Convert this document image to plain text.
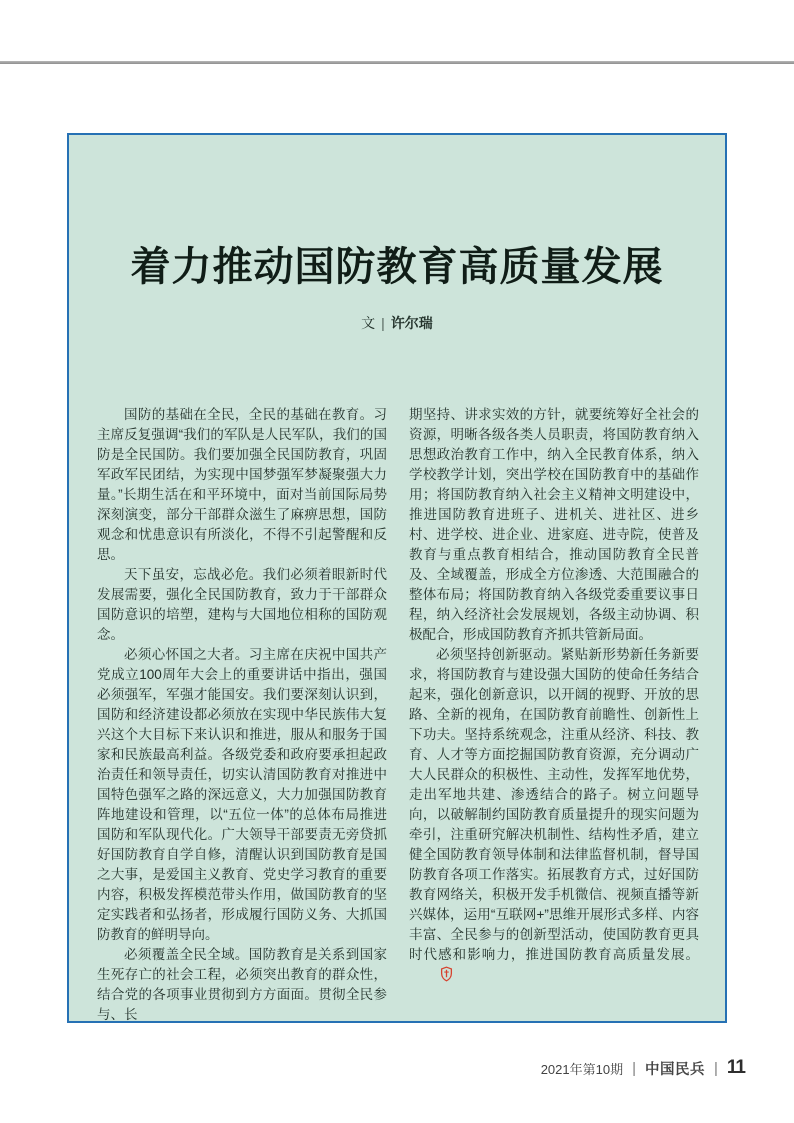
着力推动国防教育高质量发展
文 | 许尔瑞

国防的基础在全民，全民的基础在教育。习主席反复强调“我们的军队是人民军队，我们的国防是全民国防。我们要加强全民国防教育，巩固军政军民团结，为实现中国梦强军梦凝聚强大力量。”长期生活在和平环境中，面对当前国际局势深刻演变，部分干部群众滋生了麻痹思想，国防观念和忧患意识有所淡化，不得不引起警醒和反思。

天下虽安，忘战必危。我们必须着眼新时代发展需要，强化全民国防教育，致力于干部群众国防意识的培塑，建构与大国地位相称的国防观念。

必须心怀国之大者。习主席在庆祝中国共产党成立100周年大会上的重要讲话中指出，强国必须强军，军强才能国安。我们要深刻认识到，国防和经济建设都必须放在实现中华民族伟大复兴这个大目标下来认识和推进，服从和服务于国家和民族最高利益。各级党委和政府要承担起政治责任和领导责任，切实认清国防教育对推进中国特色强军之路的深远意义，大力加强国防教育阵地建设和管理，以“五位一体”的总体布局推进国防和军队现代化。广大领导干部要责无旁贷抓好国防教育自学自修，清醒认识到国防教育是国之大事，是爱国主义教育、党史学习教育的重要内容，积极发挥模范带头作用，做国防教育的坚定实践者和弘扬者，形成履行国防义务、大抓国防教育的鲜明导向。

必须覆盖全民全域。国防教育是关系到国家生死存亡的社会工程，必须突出教育的群众性，结合党的各项事业贯彻到方方面面。贯彻全民参与、长

期坚持、讲求实效的方针，就要统筹好全社会的资源，明晰各级各类人员职责，将国防教育纳入思想政治教育工作中，纳入全民教育体系，纳入学校教学计划，突出学校在国防教育中的基础作用；将国防教育纳入社会主义精神文明建设中，推进国防教育进班子、进机关、进社区、进乡村、进学校、进企业、进家庭、进寺院，使普及教育与重点教育相结合，推动国防教育全民普及、全域覆盖，形成全方位渗透、大范围融合的整体布局；将国防教育纳入各级党委重要议事日程，纳入经济社会发展规划，各级主动协调、积极配合，形成国防教育齐抓共管新局面。

必须坚持创新驱动。紧贴新形势新任务新要求，将国防教育与建设强大国防的使命任务结合起来，强化创新意识，以开阔的视野、开放的思路、全新的视角，在国防教育前瞻性、创新性上下功夫。坚持系统观念，注重从经济、科技、教育、人才等方面挖掘国防教育资源，充分调动广大人民群众的积极性、主动性，发挥军地优势，走出军地共建、渗透结合的路子。树立问题导向，以破解制约国防教育质量提升的现实问题为牵引，注重研究解决机制性、结构性矛盾，建立健全国防教育领导体制和法律监督机制，督导国防教育各项工作落实。拓展教育方式，过好国防教育网络关，积极开发手机微信、视频直播等新兴媒体，运用“互联网+”思维开展形式多样、内容丰富、全民参与的创新型活动，使国防教育更具时代感和影响力，推进国防教育高质量发展。

2021年第10期 | 中国民兵 | 11
